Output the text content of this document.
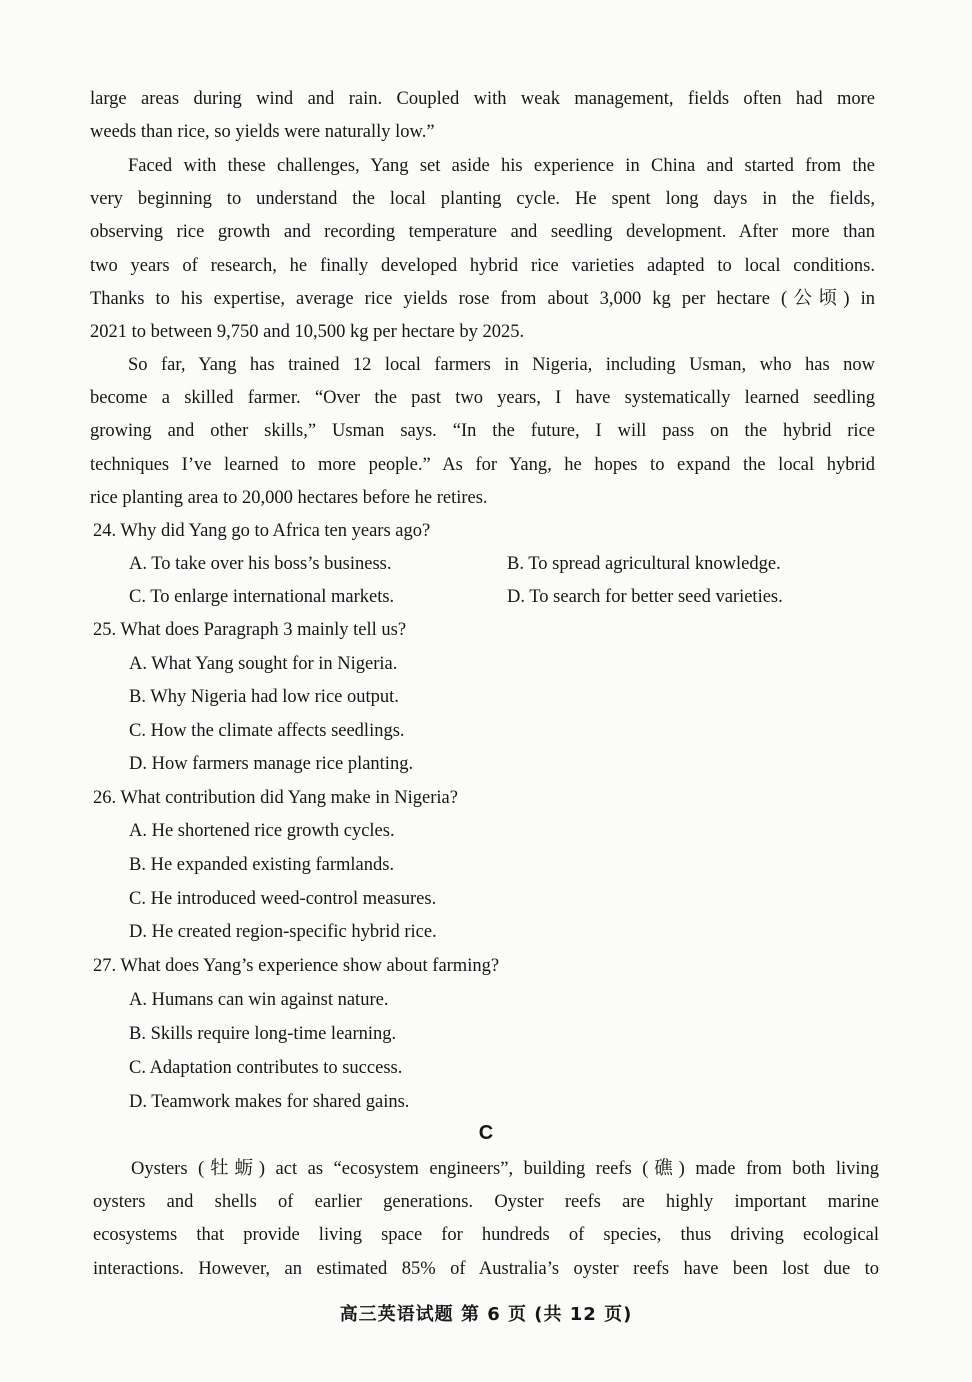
large areas during wind and rain. Coupled with weak management, fields often had more
weeds than rice, so yields were naturally low.”
Faced with these challenges, Yang set aside his experience in China and started from the
very beginning to understand the local planting cycle. He spent long days in the fields,
observing rice growth and recording temperature and seedling development. After more than
two years of research, he finally developed hybrid rice varieties adapted to local conditions.
Thanks to his expertise, average rice yields rose from about 3,000 kg per hectare (公顷) in
2021 to between 9,750 and 10,500 kg per hectare by 2025.
So far, Yang has trained 12 local farmers in Nigeria, including Usman, who has now
become a skilled farmer. “Over the past two years, I have systematically learned seedling
growing and other skills,” Usman says. “In the future, I will pass on the hybrid rice
techniques I’ve learned to more people.” As for Yang, he hopes to expand the local hybrid
rice planting area to 20,000 hectares before he retires.
24. Why did Yang go to Africa ten years ago?
A. To take over his boss’s business.	B. To spread agricultural knowledge.
C. To enlarge international markets.	D. To search for better seed varieties.
25. What does Paragraph 3 mainly tell us?
A. What Yang sought for in Nigeria.
B. Why Nigeria had low rice output.
C. How the climate affects seedlings.
D. How farmers manage rice planting.
26. What contribution did Yang make in Nigeria?
A. He shortened rice growth cycles.
B. He expanded existing farmlands.
C. He introduced weed-control measures.
D. He created region-specific hybrid rice.
27. What does Yang’s experience show about farming?
A. Humans can win against nature.
B. Skills require long-time learning.
C. Adaptation contributes to success.
D. Teamwork makes for shared gains.
C
Oysters (牡蛎) act as “ecosystem engineers”, building reefs (礁) made from both living
oysters and shells of earlier generations. Oyster reefs are highly important marine
ecosystems that provide living space for hundreds of species, thus driving ecological
interactions. However, an estimated 85% of Australia’s oyster reefs have been lost due to
高三英语试题 第 6 页 (共 12 页)
